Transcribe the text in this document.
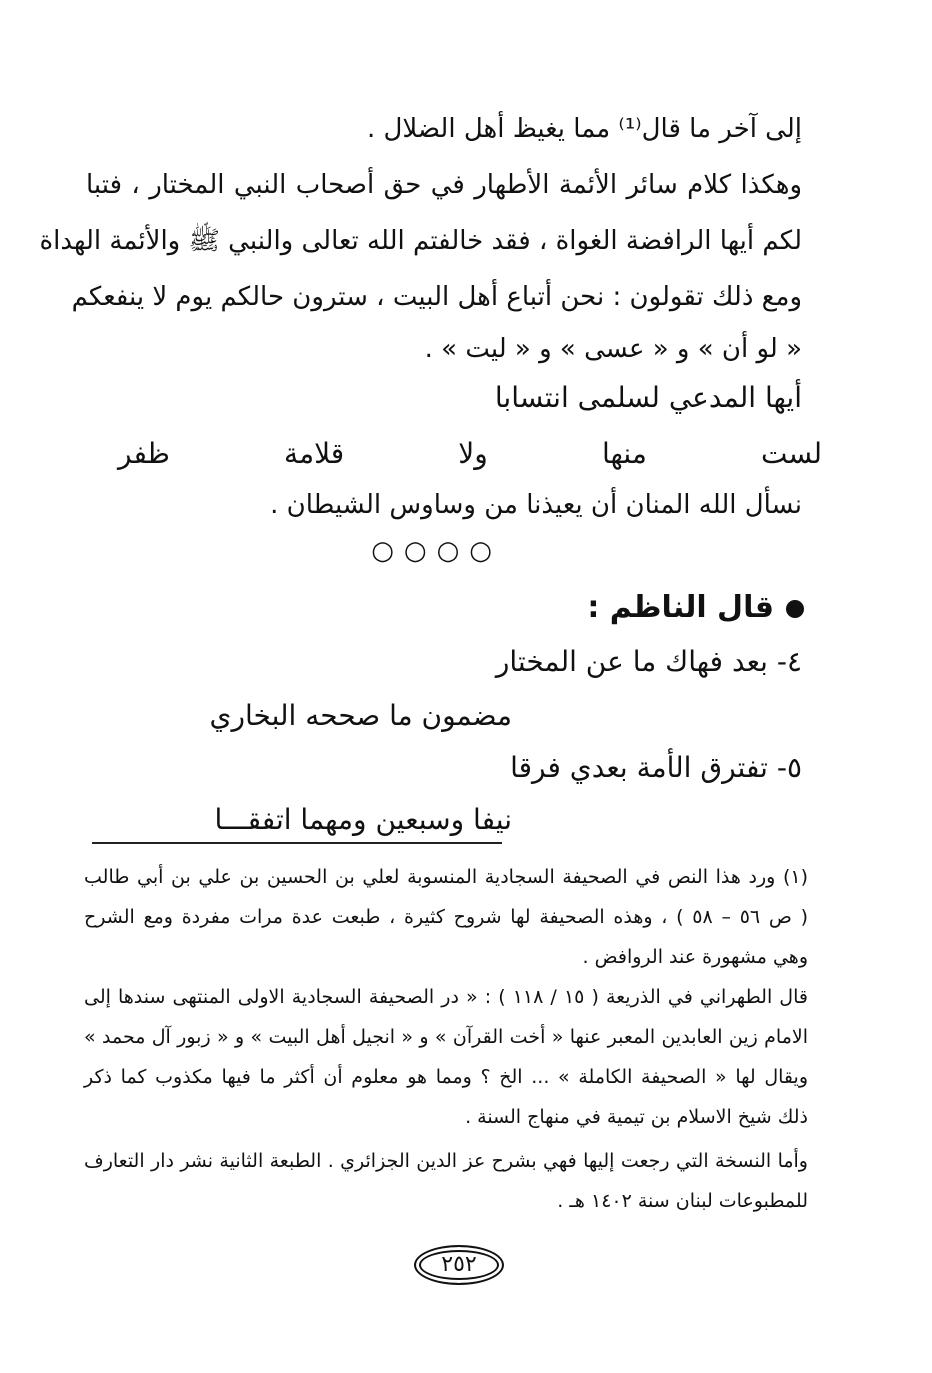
إلى آخر ما قال⁽¹⁾ مما يغيظ أهل الضلال .
وهكذا كلام سائر الأئمة الأطهار في حق أصحاب النبي المختار ، فتبا
لكم أيها الرافضة الغواة ، فقد خالفتم الله تعالى والنبي ﷺ والأئمة الهداة
ومع ذلك تقولون : نحن أتباع أهل البيت ، سترون حالكم يوم لا ينفعكم
« لو أن » و « عسى » و « ليت » .
أيها المدعي لسلمى انتسابا
لست منها ولا قلامة ظفر
نسأل الله المنان أن يعيذنا من وساوس الشيطان .
○○○○
قال الناظم :
٤- بعد فهاك ما عن المختار
مضمون ما صححه البخاري
٥- تفترق الأمة بعدي فرقا
نيفا وسبعين ومهما اتفقـــا
(١) ورد هذا النص في الصحيفة السجادية المنسوبة لعلي بن الحسين بن علي بن أبي طالب
( ص ٥٦ – ٥٨ ) ، وهذه الصحيفة لها شروح كثيرة ، طبعت عدة مرات مفردة ومع الشرح
وهي مشهورة عند الروافض .
قال الطهراني في الذريعة ( ١٥ / ١١٨ ) : « در الصحيفة السجادية الاولى المنتهى سندها إلى
الامام زين العابدين المعبر عنها « أخت القرآن » و « انجيل أهل البيت » و « زبور آل محمد »
ويقال لها « الصحيفة الكاملة » ... الخ ؟ ومما هو معلوم أن أكثر ما فيها مكذوب كما ذكر
ذلك شيخ الاسلام بن تيمية في منهاج السنة .
وأما النسخة التي رجعت إليها فهي بشرح عز الدين الجزائري . الطبعة الثانية نشر دار التعارف
للمطبوعات لبنان سنة ١٤٠٢ هـ .
٢٥٢
